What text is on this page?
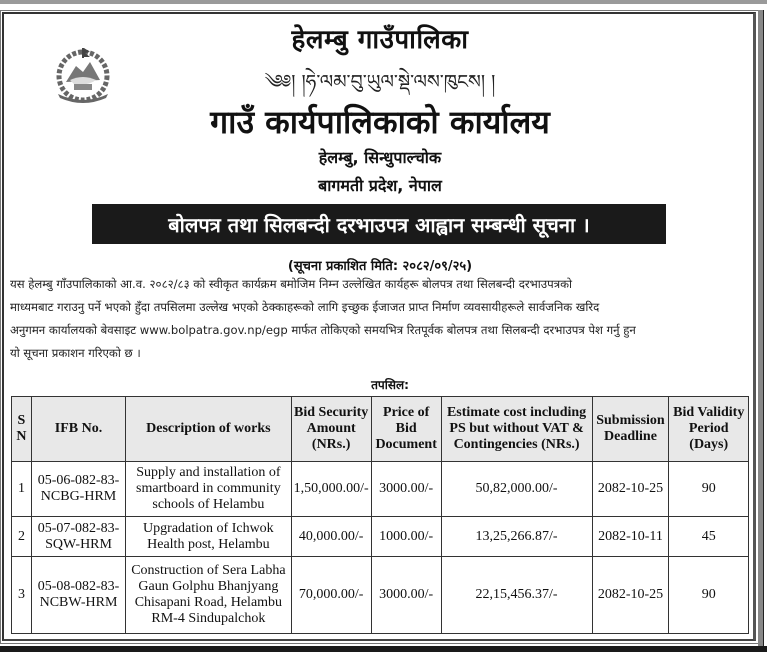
हेलम्बु गाउँपालिका
༄༅། །ཧེ་ལམ་བུ་ཡུལ་སྡེ་ལས་ཁུངས། །
गाउँ कार्यपालिकाको कार्यालय
हेलम्बु, सिन्धुपाल्चोक
बागमती प्रदेश, नेपाल
बोलपत्र तथा सिलबन्दी दरभाउपत्र आह्वान सम्बन्धी सूचना ।
(सूचना प्रकाशित मिति: २०८२/०९/२५)
यस हेलम्बु गाँउपालिकाको आ.व. २०८२/८३ को स्वीकृत कार्यक्रम बमोजिम निम्न उल्लेखित कार्यहरू बोलपत्र तथा सिलबन्दी दरभाउपत्रको
माध्यमबाट गराउनु पर्ने भएको हुँदा तपसिलमा उल्लेख भएको ठेक्काहरूको लागि इच्छुक ईजाजत प्राप्त निर्माण व्यवसायीहरूले सार्वजनिक खरिद
अनुगमन कार्यालयको बेवसाइट www.bolpatra.gov.np/egp मार्फत तोकिएको समयभित्र रितपूर्वक बोलपत्र तथा सिलबन्दी दरभाउपत्र पेश गर्नु हुन
यो सूचना प्रकाशन गरिएको छ ।
तपसिल:
S N	IFB No.	Description of works	Bid Security Amount (NRs.)	Price of Bid Document	Estimate cost including PS but without VAT & Contingencies (NRs.)	Submission Deadline	Bid Validity Period (Days)
1	05-06-082-83- NCBG-HRM	Supply and installation of smartboard in community schools of Helambu	1,50,000.00/-	3000.00/-	50,82,000.00/-	2082-10-25	90
2	05-07-082-83- SQW-HRM	Upgradation of Ichwok Health post, Helambu	40,000.00/-	1000.00/-	13,25,266.87/-	2082-10-11	45
3	05-08-082-83- NCBW-HRM	Construction of Sera Labha Gaun Golphu Bhanjyang Chisapani Road, Helambu RM-4 Sindupalchok	70,000.00/-	3000.00/-	22,15,456.37/-	2082-10-25	90
